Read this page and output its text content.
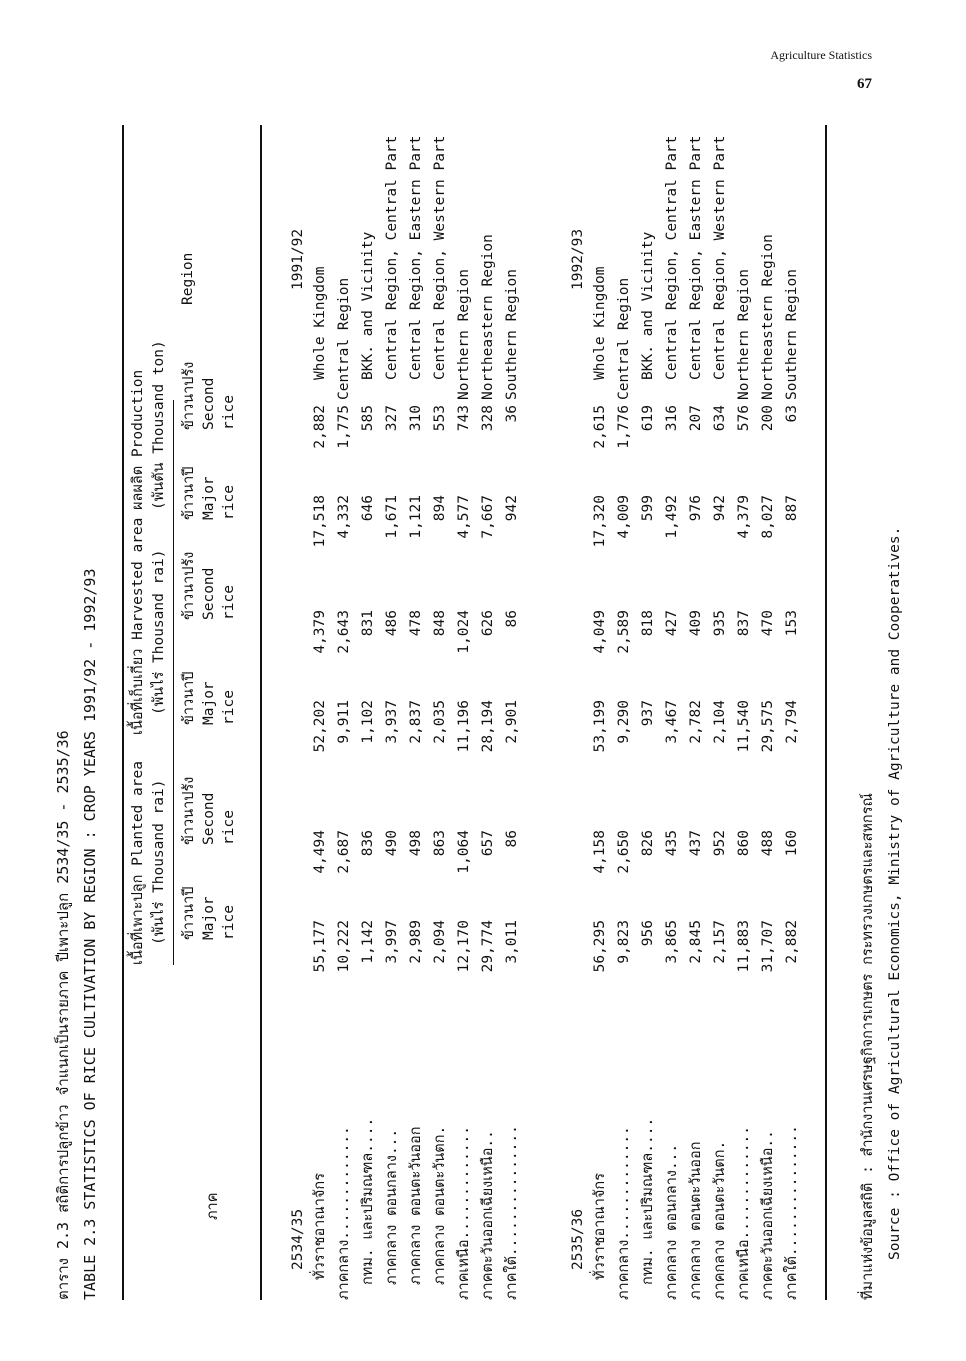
Agriculture Statistics
67
ตาราง 2.3 สถิติการปลูกข้าว จำแนกเป็นรายภาค ปีเพาะปลูก 2534/35 - 2535/36 TABLE 2.3 STATISTICS OF RICE CULTIVATION BY REGION : CROP YEARS 1991/92 - 1992/93	ภาค
Region
เนื้อที่เพาะปลูก Planted area (พันไร่ Thousand rai)
เนื้อที่เก็บเกี่ยว Harvested area (พันไร่ Thousand rai)
ผลผลิต Production (พันตัน Thousand ton)
ข้าวนาปี Major rice
ข้าวนาปรัง Second rice
ข้าวนาปี Major rice
ข้าวนาปรัง Second rice
ข้าวนาปี Major rice
ข้าวนาปรัง Second rice
2534/35
1991/92
ทั่วราชอาณาจักร
55,177
4,494
52,202
4,379
17,518
2,882
Whole Kingdom
ภาคกลาง.............
10,222
2,687
9,911
2,643
4,332
1,775
Central Region
กทม. และปริมณฑล....
1,142
836
1,102
831
646
585
BKK. and Vicinity
ภาคกลาง ตอนกลาง...
3,997
490
3,937
486
1,671
327
Central Region, Central Part
ภาคกลาง ตอนตะวันออก
2,989
498
2,837
478
1,121
310
Central Region, Eastern Part
ภาคกลาง ตอนตะวันตก.
2,094
863
2,035
848
894
553
Central Region, Western Part
ภาคเหนือ.............
12,170
1,064
11,196
1,024
4,577
743
Northern Region
ภาคตะวันออกเฉียงเหนือ..
29,774
657
28,194
626
7,667
328
Northeastern Region
ภาคใต้...............
3,011
86
2,901
86
942
36
Southern Region
2535/36
1992/93
ทั่วราชอาณาจักร
56,295
4,158
53,199
4,049
17,320
2,615
Whole Kingdom
ภาคกลาง.............
9,823
2,650
9,290
2,589
4,009
1,776
Central Region
กทม. และปริมณฑล....
956
826
937
818
599
619
BKK. and Vicinity
ภาคกลาง ตอนกลาง...
3,865
435
3,467
427
1,492
316
Central Region, Central Part
ภาคกลาง ตอนตะวันออก
2,845
437
2,782
409
976
207
Central Region, Eastern Part
ภาคกลาง ตอนตะวันตก.
2,157
952
2,104
935
942
634
Central Region, Western Part
ภาคเหนือ.............
11,883
860
11,540
837
4,379
576
Northern Region
ภาคตะวันออกเฉียงเหนือ..
31,707
488
29,575
470
8,027
200
Northeastern Region
ภาคใต้...............
2,882
160
2,794
153
887
63
Southern Region
ที่มาแห่งข้อมูลสถิติ : สำนักงานเศรษฐกิจการเกษตร กระทรวงเกษตรและสหกรณ์ Source : Office of Agricultural Economics, Ministry of Agriculture and Cooperatives.
